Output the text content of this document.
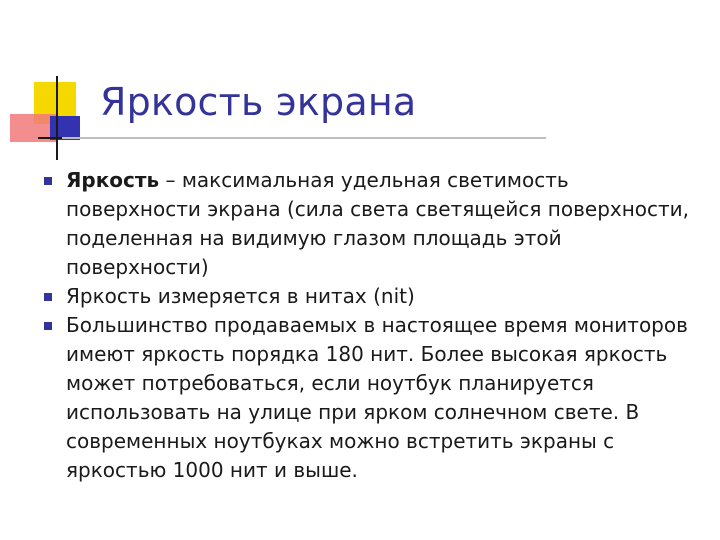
Яркость экрана
Яркость – максимальная удельная светимость поверхности экрана (сила света светящейся поверхности, поделенная на видимую глазом площадь этой поверхности)
Яркость измеряется в нитах (nit)
Большинство продаваемых в настоящее время мониторов имеют яркость порядка 180 нит. Более высокая яркость может потребоваться, если ноутбук планируется использовать на улице при ярком солнечном свете. В современных ноутбуках можно встретить экраны с яркостью 1000 нит и выше.
